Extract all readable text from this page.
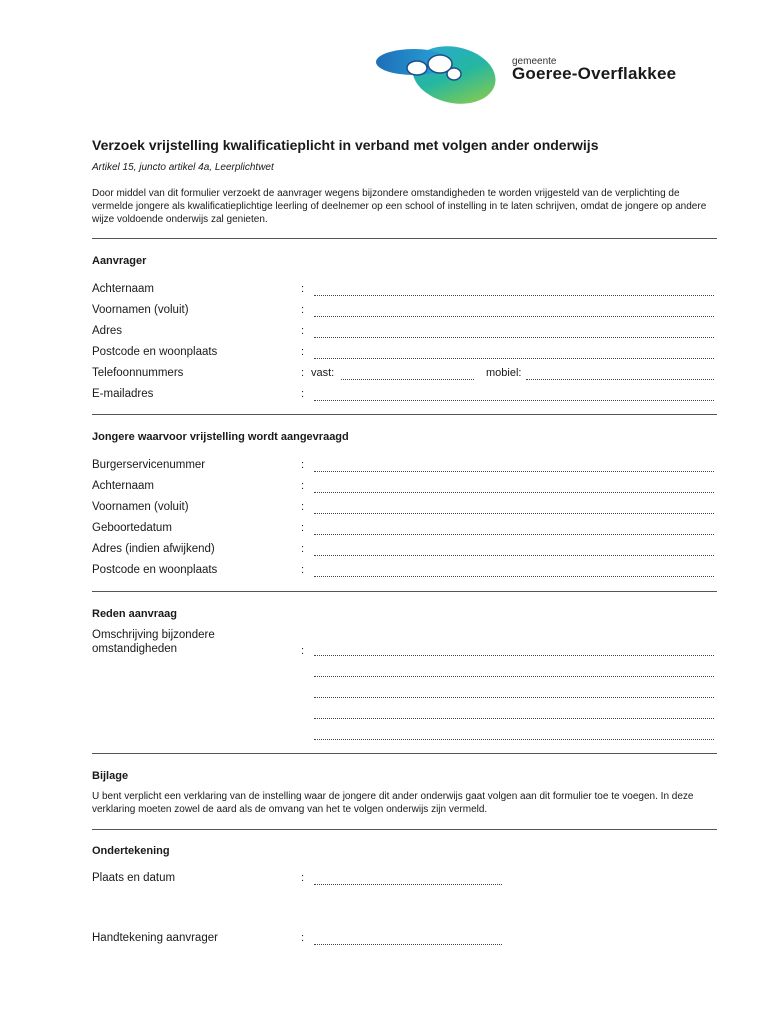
gemeente
Goeree-Overflakkee
Verzoek vrijstelling kwalificatieplicht in verband met volgen ander onderwijs
Artikel 15, juncto artikel 4a, Leerplichtwet
Door middel van dit formulier verzoekt de aanvrager wegens bijzondere omstandigheden te worden vrijgesteld van de verplichting de vermelde jongere als kwalificatieplichtige leerling of deelnemer op een school of instelling in te laten schrijven, omdat de jongere op andere wijze voldoende onderwijs zal genieten.
Aanvrager
Achternaam	:
Voornamen (voluit)	:
Adres	:
Postcode en woonplaats	:
Telefoonnummers	: vast:	mobiel:
E-mailadres	:
Jongere waarvoor vrijstelling wordt aangevraagd
Burgerservicenummer	:
Achternaam	:
Voornamen (voluit)	:
Geboortedatum	:
Adres (indien afwijkend)	:
Postcode en woonplaats	:
Reden aanvraag
Omschrijving bijzondere
omstandigheden	:
Bijlage
U bent verplicht een verklaring van de instelling waar de jongere dit ander onderwijs gaat volgen aan dit formulier toe te voegen. In deze verklaring moeten zowel de aard als de omvang van het te volgen onderwijs zijn vermeld.
Ondertekening
Plaats en datum	:
Handtekening aanvrager	:
